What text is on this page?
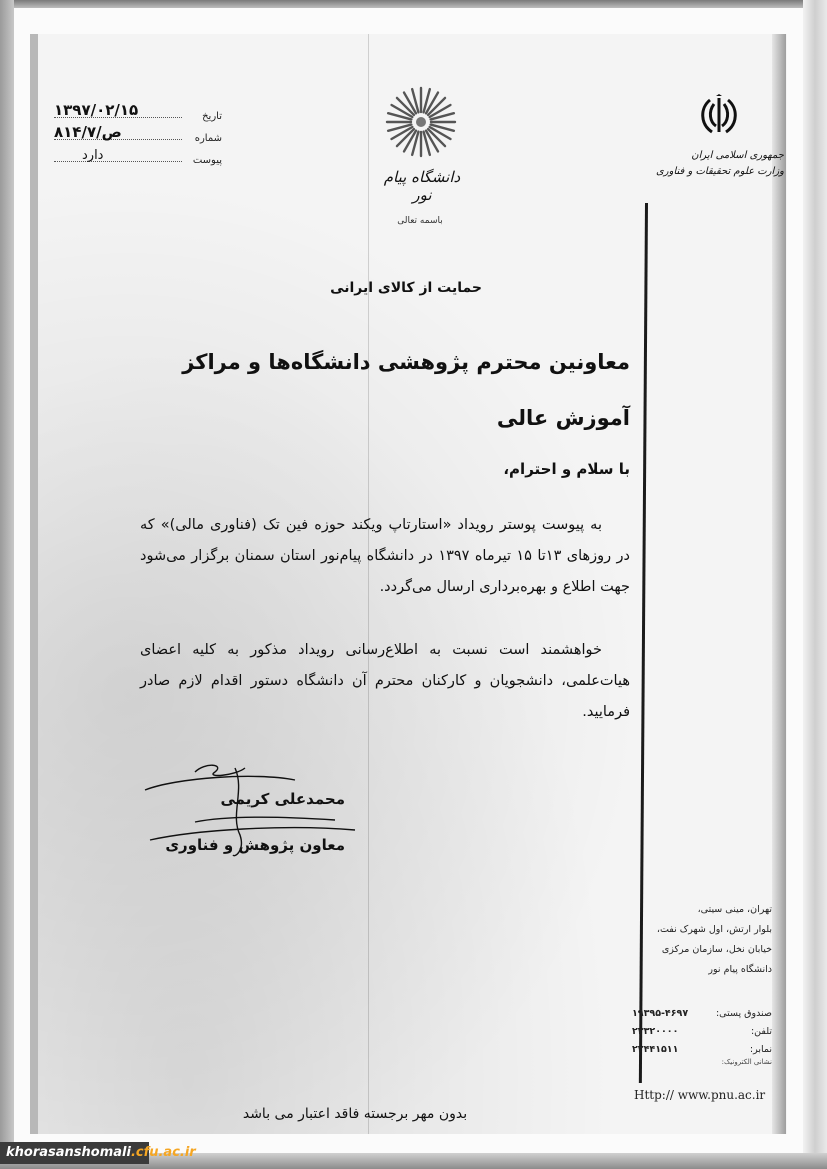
تاریخ
۱۳۹۷/۰۲/۱۵
شماره
۸۱۴/۷/ص
پیوست
دارد
دانشگاه پیام نور
باسمه تعالی
جمهوری اسلامی ایران
وزارت علوم تحقیقات و فناوری
حمایت از کالای ایرانی
معاونین محترم پژوهشی دانشگاه‌ها و مراکز آموزش عالی
با سلام و احترام،
به پیوست پوستر رویداد «استارتاپ ویکند حوزه فین تک (فناوری مالی)» که در روزهای ۱۳تا ۱۵ تیرماه ۱۳۹۷ در دانشگاه پیام‌نور استان سمنان برگزار می‌شود جهت اطلاع و بهره‌برداری ارسال می‌گردد.
خواهشمند است نسبت به اطلاع‌رسانی رویداد مذکور به کلیه اعضای هیات‌علمی، دانشجویان و کارکنان محترم آن دانشگاه دستور اقدام لازم صادر فرمایید.
محمدعلی کریمی
معاون پژوهش و فناوری
تهران، مینی سیتی،
بلوار ارتش، اول شهرک نفت،
خیابان نخل، سازمان مرکزی
دانشگاه پیام نور
۱۹۳۹۵-۴۶۹۷	صندوق پستی:
۲۳۳۲۰۰۰۰	تلفن:
۲۲۴۴۱۵۱۱	نمابر:
نشانی الکترونیک:
Http:// www.pnu.ac.ir
بدون مهر برجسته فاقد اعتبار می باشد
khorasanshomali.cfu.ac.ir
